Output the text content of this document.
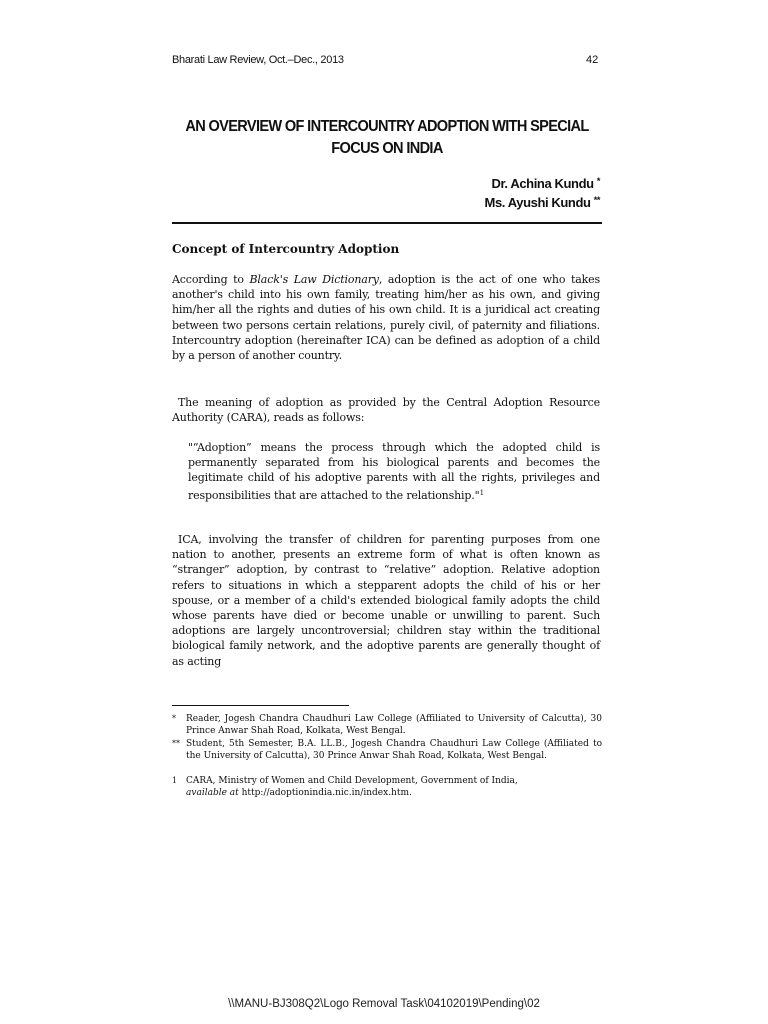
Bharati Law Review, Oct.–Dec., 2013	42
AN OVERVIEW OF INTERCOUNTRY ADOPTION WITH SPECIAL
FOCUS ON INDIA
Dr. Achina Kundu *
Ms. Ayushi Kundu **
Concept of Intercountry Adoption
According to Black's Law Dictionary, adoption is the act of one who takes another's child into his own family, treating him/her as his own, and giving him/her all the rights and duties of his own child. It is a juridical act creating between two persons certain relations, purely civil, of paternity and filiations. Intercountry adoption (hereinafter ICA) can be defined as adoption of a child by a person of another country.
The meaning of adoption as provided by the Central Adoption Resource Authority (CARA), reads as follows:
"“Adoption” means the process through which the adopted child is permanently separated from his biological parents and becomes the legitimate child of his adoptive parents with all the rights, privileges and responsibilities that are attached to the relationship."$^1$
ICA, involving the transfer of children for parenting purposes from one nation to another, presents an extreme form of what is often known as “stranger” adoption, by contrast to “relative” adoption. Relative adoption refers to situations in which a stepparent adopts the child of his or her spouse, or a member of a child's extended biological family adopts the child whose parents have died or become unable or unwilling to parent. Such adoptions are largely uncontroversial; children stay within the traditional biological family network, and the adoptive parents are generally thought of as acting
* Reader, Jogesh Chandra Chaudhuri Law College (Affiliated to University of Calcutta), 30 Prince Anwar Shah Road, Kolkata, West Bengal.
** Student, 5th Semester, B.A. LL.B., Jogesh Chandra Chaudhuri Law College (Affiliated to the University of Calcutta), 30 Prince Anwar Shah Road, Kolkata, West Bengal.
1 CARA, Ministry of Women and Child Development, Government of India,
available at http://adoptionindia.nic.in/index.htm.
\\MANU-BJ308Q2\Logo Removal Task\04102019\Pending\02
